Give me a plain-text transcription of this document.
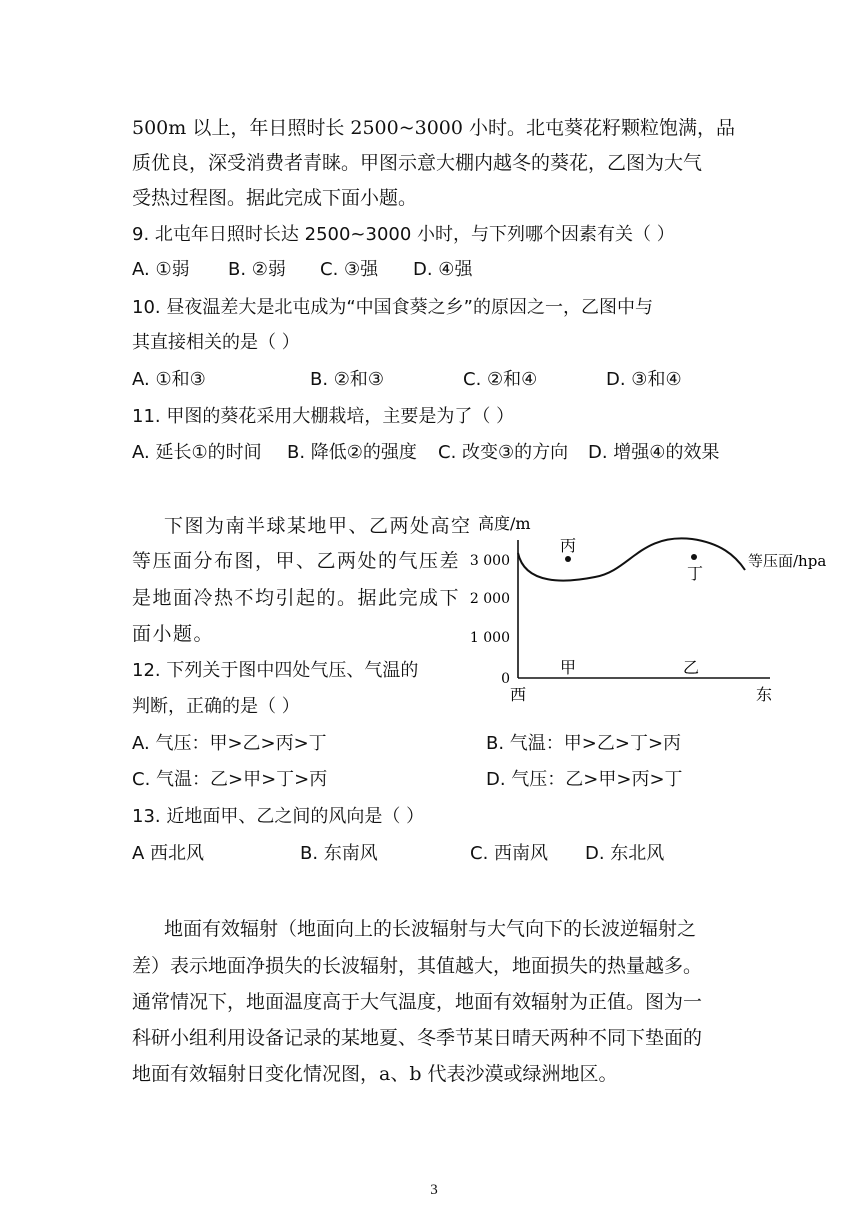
500m 以上，年日照时长 2500~3000 小时。北屯葵花籽颗粒饱满，品
质优良，深受消费者青睐。甲图示意大棚内越冬的葵花，乙图为大气
受热过程图。据此完成下面小题。
9. 北屯年日照时长达 2500~3000 小时，与下列哪个因素有关（ ）
A. ①弱 B. ②弱 C. ③强 D. ④强
10. 昼夜温差大是北屯成为“中国食葵之乡”的原因之一，乙图中与
其直接相关的是（ ）
A. ①和③	B. ②和③	C. ②和④	D. ③和④
11. 甲图的葵花采用大棚栽培，主要是为了（ ）
A. 延长①的时间 B. 降低②的强度 C. 改变③的方向 D. 增强④的效果
下图为南半球某地甲、乙两处高空
等压面分布图，甲、乙两处的气压差
是地面冷热不均引起的。据此完成下
面小题。
12. 下列关于图中四处气压、气温的
判断，正确的是（ ）
A. 气压：甲>乙>丙>丁	B. 气温：甲>乙>丁>丙
C. 气温：乙>甲>丁>丙	D. 气压：乙>甲>丙>丁
13. 近地面甲、乙之间的风向是（ ）
A 西北风	B. 东南风	C. 西南风 D. 东北风
高度/m
3 000
2 000
1 000
0
西	东
等压面/hpa
丙
丁
甲	乙
地面有效辐射（地面向上的长波辐射与大气向下的长波逆辐射之
差）表示地面净损失的长波辐射，其值越大，地面损失的热量越多。
通常情况下，地面温度高于大气温度，地面有效辐射为正值。图为一
科研小组利用设备记录的某地夏、冬季节某日晴天两种不同下垫面的
地面有效辐射日变化情况图，a、b 代表沙漠或绿洲地区。
3
